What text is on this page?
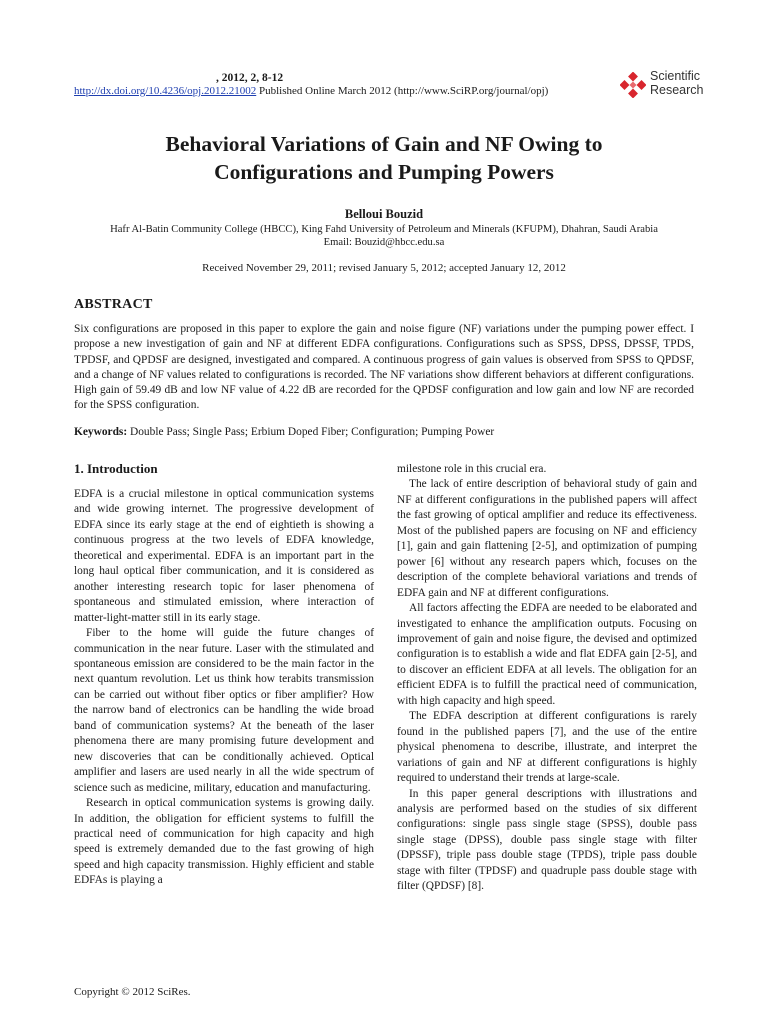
, 2012, 2, 8-12
http://dx.doi.org/10.4236/opj.2012.21002 Published Online March 2012 (http://www.SciRP.org/journal/opj)
Scientific
Research
Behavioral Variations of Gain and NF Owing to
Configurations and Pumping Powers
Belloui Bouzid
Hafr Al-Batin Community College (HBCC), King Fahd University of Petroleum and Minerals (KFUPM), Dhahran, Saudi Arabia
Email: Bouzid@hbcc.edu.sa
Received November 29, 2011; revised January 5, 2012; accepted January 12, 2012
ABSTRACT
Six configurations are proposed in this paper to explore the gain and noise figure (NF) variations under the pumping power effect. I propose a new investigation of gain and NF at different EDFA configurations. Configurations such as SPSS, DPSS, DPSSF, TPDS, TPDSF, and QPDSF are designed, investigated and compared. A continuous progress of gain values is observed from SPSS to QPDSF, and a change of NF values related to configurations is recorded. The NF variations show different behaviors at different configurations. High gain of 59.49 dB and low NF value of 4.22 dB are recorded for the QPDSF configuration and low gain and low NF are recorded for the SPSS configuration.
Keywords: Double Pass; Single Pass; Erbium Doped Fiber; Configuration; Pumping Power
1. Introduction

EDFA is a crucial milestone in optical communication systems and wide growing internet. The progressive development of EDFA since its early stage at the end of eightieth is showing a continuous progress at the two levels of EDFA knowledge, theoretical and experimental. EDFA is an important part in the long haul optical fiber communication, and it is considered as another interesting research topic for laser phenomena of spontaneous and stimulated emission, where interaction of matter-light-matter still in its early stage.

Fiber to the home will guide the future changes of communication in the near future. Laser with the stimulated and spontaneous emission are considered to be the main factor in the next quantum revolution. Let us think how terabits transmission can be carried out without fiber optics or fiber amplifier? How the narrow band of electronics can be handling the wide broad band of communication systems? At the beneath of the laser phenomena there are many promising future development and new discoveries that can be conditionally achieved. Optical amplifier and lasers are used nearly in all the wide spectrum of science such as medicine, military, education and manufacturing.

Research in optical communication systems is growing daily. In addition, the obligation for efficient systems to fulfill the practical need of communication for high capacity and high speed is extremely demanded due to the fast growing of high speed and high capacity transmission. Highly efficient and stable EDFAs is playing a

milestone role in this crucial era.

The lack of entire description of behavioral study of gain and NF at different configurations in the published papers will affect the fast growing of optical amplifier and reduce its effectiveness. Most of the published papers are focusing on NF and efficiency [1], gain and gain flattening [2-5], and optimization of pumping power [6] without any research papers which, focuses on the description of the complete behavioral variations and trends of EDFA gain and NF at different configurations.

All factors affecting the EDFA are needed to be elaborated and investigated to enhance the amplification outputs. Focusing on improvement of gain and noise figure, the devised and optimized configuration is to establish a wide and flat EDFA gain [2-5], and to discover an efficient EDFA at all levels. The obligation for an efficient EDFA is to fulfill the practical need of communication, with high capacity and high speed.

The EDFA description at different configurations is rarely found in the published papers [7], and the use of the entire physical phenomena to describe, illustrate, and interpret the variations of gain and NF at different configurations is highly required to understand their trends at large-scale.

In this paper general descriptions with illustrations and analysis are performed based on the studies of six different configurations: single pass single stage (SPSS), double pass single stage (DPSS), double pass single stage with filter (DPSSF), triple pass double stage (TPDS), triple pass double stage with filter (TPDSF) and quadruple pass double stage with filter (QPDSF) [8].

Copyright © 2012 SciRes.
